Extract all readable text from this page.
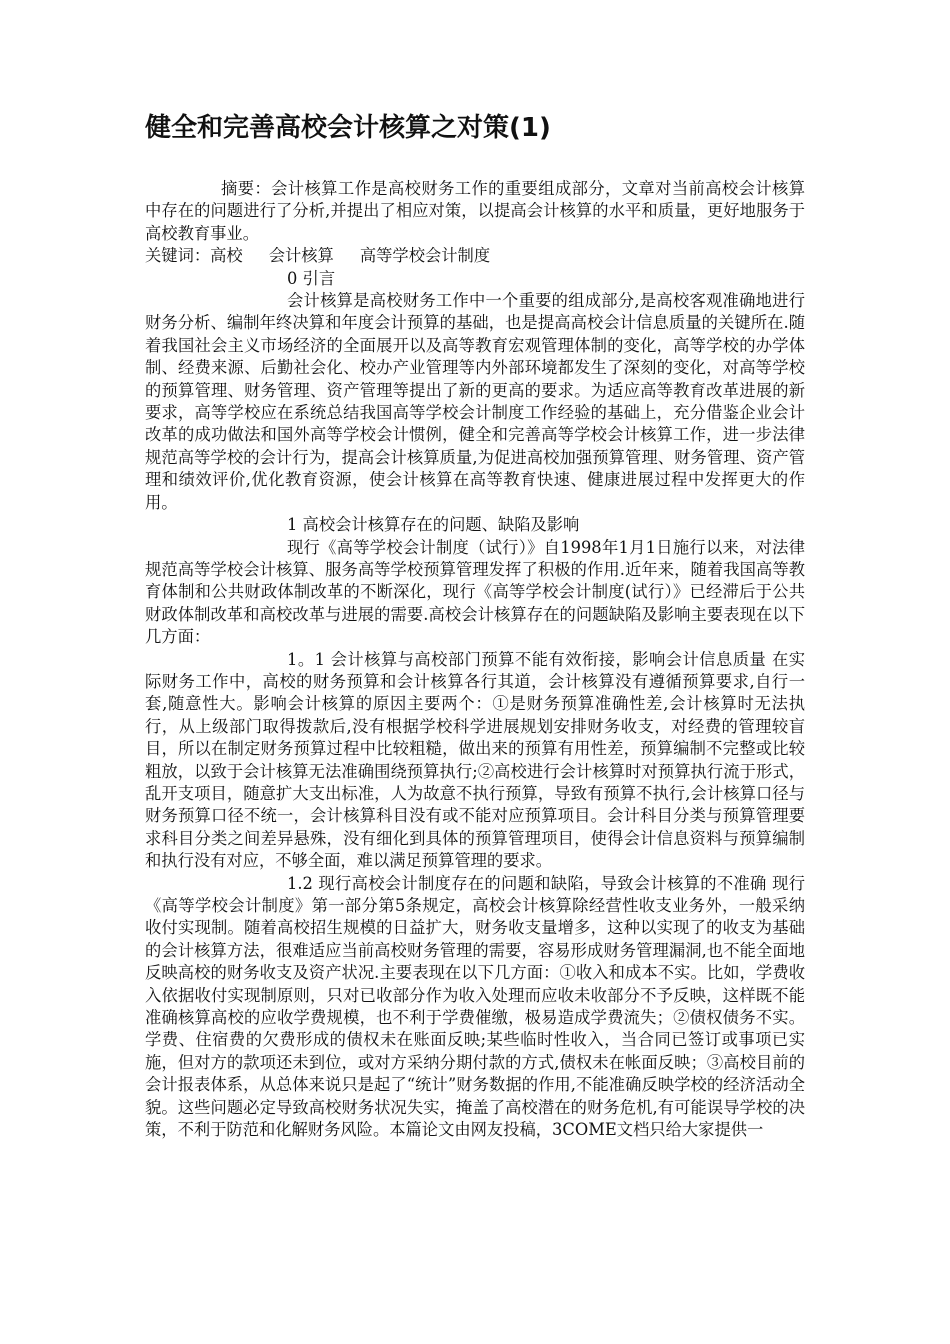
健全和完善高校会计核算之对策(1)

摘要：会计核算工作是高校财务工作的重要组成部分，文章对当前高校会计核算中存在的问题进行了分析,并提出了相应对策，以提高会计核算的水平和质量，更好地服务于高校教育事业。

关键词：高校 会计核算 高等学校会计制度

0 引言

会计核算是高校财务工作中一个重要的组成部分,是高校客观准确地进行财务分析、编制年终决算和年度会计预算的基础，也是提高高校会计信息质量的关键所在.随着我国社会主义市场经济的全面展开以及高等教育宏观管理体制的变化，高等学校的办学体制、经费来源、后勤社会化、校办产业管理等内外部环境都发生了深刻的变化，对高等学校的预算管理、财务管理、资产管理等提出了新的更高的要求。为适应高等教育改革进展的新要求，高等学校应在系统总结我国高等学校会计制度工作经验的基础上，充分借鉴企业会计改革的成功做法和国外高等学校会计惯例，健全和完善高等学校会计核算工作，进一步法律规范高等学校的会计行为，提高会计核算质量,为促进高校加强预算管理、财务管理、资产管理和绩效评价,优化教育资源，使会计核算在高等教育快速、健康进展过程中发挥更大的作用。

1 高校会计核算存在的问题、缺陷及影响

现行《高等学校会计制度（试行）》自1998年1月1日施行以来，对法律规范高等学校会计核算、服务高等学校预算管理发挥了积极的作用.近年来，随着我国高等教育体制和公共财政体制改革的不断深化，现行《高等学校会计制度(试行）》已经滞后于公共财政体制改革和高校改革与进展的需要.高校会计核算存在的问题缺陷及影响主要表现在以下几方面：

1。1 会计核算与高校部门预算不能有效衔接，影响会计信息质量 在实际财务工作中，高校的财务预算和会计核算各行其道，会计核算没有遵循预算要求,自行一套,随意性大。影响会计核算的原因主要两个：①是财务预算准确性差,会计核算时无法执行，从上级部门取得拨款后,没有根据学校科学进展规划安排财务收支，对经费的管理较盲目，所以在制定财务预算过程中比较粗糙，做出来的预算有用性差，预算编制不完整或比较粗放，以致于会计核算无法准确围绕预算执行;②高校进行会计核算时对预算执行流于形式，乱开支项目，随意扩大支出标准，人为故意不执行预算，导致有预算不执行,会计核算口径与财务预算口径不统一，会计核算科目没有或不能对应预算项目。会计科目分类与预算管理要求科目分类之间差异悬殊，没有细化到具体的预算管理项目，使得会计信息资料与预算编制和执行没有对应，不够全面，难以满足预算管理的要求。

1.2 现行高校会计制度存在的问题和缺陷，导致会计核算的不准确 现行《高等学校会计制度》第一部分第5条规定，高校会计核算除经营性收支业务外，一般采纳收付实现制。随着高校招生规模的日益扩大，财务收支量增多，这种以实现了的收支为基础的会计核算方法，很难适应当前高校财务管理的需要，容易形成财务管理漏洞,也不能全面地反映高校的财务收支及资产状况.主要表现在以下几方面：①收入和成本不实。比如，学费收入依据收付实现制原则，只对已收部分作为收入处理而应收未收部分不予反映，这样既不能准确核算高校的应收学费规模，也不利于学费催缴，极易造成学费流失；②债权债务不实。学费、住宿费的欠费形成的债权未在账面反映;某些临时性收入，当合同已签订或事项已实施，但对方的款项还未到位，或对方采纳分期付款的方式,债权未在帐面反映；③高校目前的会计报表体系，从总体来说只是起了“统计”财务数据的作用,不能准确反映学校的经济活动全貌。这些问题必定导致高校财务状况失实，掩盖了高校潜在的财务危机,有可能误导学校的决策，不利于防范和化解财务风险。本篇论文由网友投稿，3COME文档只给大家提供一
